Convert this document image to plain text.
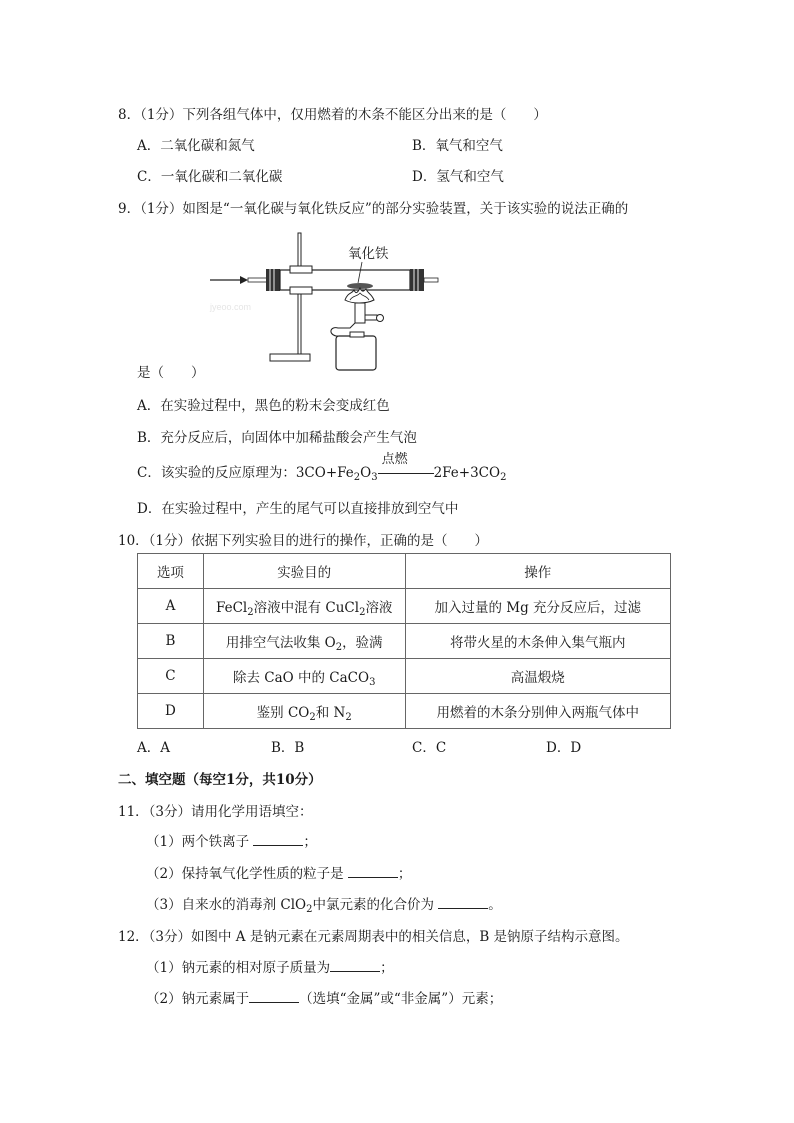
8．（1分）下列各组气体中，仅用燃着的木条不能区分出来的是（　　）
A．二氧化碳和氮气	B．氧气和空气
C．一氧化碳和二氧化碳	D．氢气和空气
9．（1分）如图是“一氧化碳与氧化铁反应”的部分实验装置，关于该实验的说法正确的
jyeoo.com
氧化铁
是（　　）
A．在实验过程中，黑色的粉末会变成红色
B．充分反应后，向固体中加稀盐酸会产生气泡
C．该实验的反应原理为：$3CO+Fe_2O_3$
点燃
$2Fe+3CO_2$
D．在实验过程中，产生的尾气可以直接排放到空气中
10．（1分）依据下列实验目的进行的操作，正确的是（　　）
选项	实验目的	操作
A	FeCl$_2$溶液中混有 CuCl$_2$溶液	加入过量的 Mg 充分反应后，过滤
B	用排空气法收集 $O_2$，验满	将带火星的木条伸入集气瓶内
C	除去 CaO 中的 CaCO$_3$	高温煅烧
D	鉴别 $CO_2$和 $N_2$	用燃着的木条分别伸入两瓶气体中
A．A	B．B	C．C	D．D
二、填空题（每空1分，共10分）
11．（3分）请用化学用语填空：
（1）两个铁离子	；
（2）保持氧气化学性质的粒子是	；
（3）自来水的消毒剂 ClO$_2$中氯元素的化合价为	。
12．（3分）如图中 A 是钠元素在元素周期表中的相关信息，B 是钠原子结构示意图。
（1）钠元素的相对原子质量为	；
（2）钠元素属于	（选填“金属”或“非金属”）元素；
